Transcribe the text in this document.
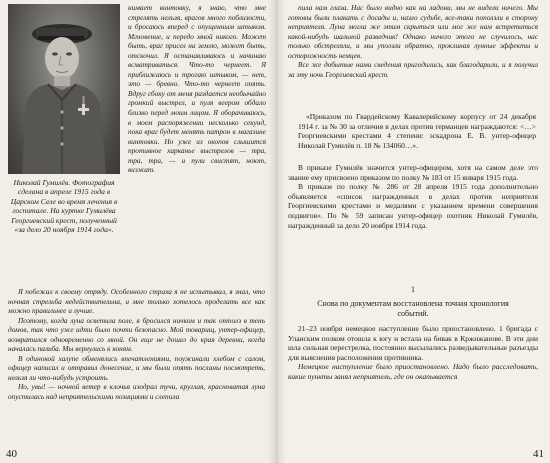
Николай Гумилёв. Фотография сделана в апреле 1915 года в Царском Селе во время лечения в госпитале. На куртке Гумилёва Георгиевский крест, полученный «за дело 20 ноября 1914 года».

нимает винтовку, я знаю, что мне стрелять нельзя, врагов много поблизости, и бросаюсь вперед с опущенным штыком. Мгновение, и передо мной никого. Может быть, враг присел на землю, может быть, отскочил. Я останавливаюсь и начинаю всматриваться. Что-то чернеет. Я приближаюсь и трогаю штыком, — нет, это — бревно. Что-то чернеет опять. Вдруг сбоку от меня раздается необычайно громкий выстрел, и пуля веером обдало близко перед моим лицом. Я оборачиваюсь, в моем распоряжении несколько секунд, пока враг будет менять патрон в магазине винтовки. Но уже из окопов слышится противное харканье выстрелов — тра, тра, тра, — и пули свистят, ноют, визжат.

Я побежал к своему отряду. Особенного страха я не испытывал, я знал, что ночная стрельба недействительна, и мне только хотелось проделать все как можно правильнее и лучше.

Поэтому, когда луна осветила поле, я бросился ничком и так отполз в тень домов, так что уже идти было почти безопасно. Мой товарищ, унтер-офицер, возвратился одновременно со мной. Он еще не дошел до края деревни, когда началась пальба. Мы вернулись к коням.

В одинокой халупе обменялись впечатлениями, поужинали хлебом с салом, офицер написал и отправил донесение, и мы были опять посланы посмотреть, нельзя ли что-нибудь устроить.

Но, увы! — ночной ветер в клочья изодрал тучи, круглая, красноватая луна опустилась над неприятельскими позициями и слепила

40

пила нам глаза. Нас было видно как на ладони, мы не видели ничего. Мы готовы были плакать с досады и, назло судьбе, все-таки поползли в сторону неприятеля. Луна могла же этим скрыться или мог же нам встретиться какой-нибудь шальной разведчик! Однако ничего этого не случилось, нас только обстреляли, и мы уползли обратно, проклиная лунные эффекты и осторожность немцев.

Все же добытые нами сведения пригодились, как благодарили, и я получил за эту ночь Георгиевский крест.

«Приказом по Гвардейскому Кавалерийскому корпусу от 24 декабря 1914 г. за № 30 за отличия в делах против германцев награждаются: <…> Георгиевскими крестами 4 степени: эскадрона Е. В. унтер-офицер Николай Гумилёв п. 18 № 134060…».

В приказе Гумилёв значится унтер-офицером, хотя на самом деле это звание ему присвоено приказом по полку № 183 от 15 января 1915 года.

В приказе по полку № 286 от 28 апреля 1915 года дополнительно объявляется «список награжденных в делах против неприятеля Георгиевскими крестами и медалями с указанием времени совершения подвигов». По № 59 записан унтер-офицер охотник Николай Гумилёв, награжденный за дело 20 ноября 1914 года.

1
Снова по документам восстановлена точная хронология событий.

21–23 ноября немецкое наступление было приостановлено. 1 бригада с Уланским полком отошла к югу и встала на бивак в Кржижанове. В эти дни шла сильная перестрелка, постоянно высылались разведывательные разъезды для выяснения расположения противника.

Немецкое наступление было приостановлено. Надо было расследовать, какие пункты занял неприятель, где он окапывается

41
